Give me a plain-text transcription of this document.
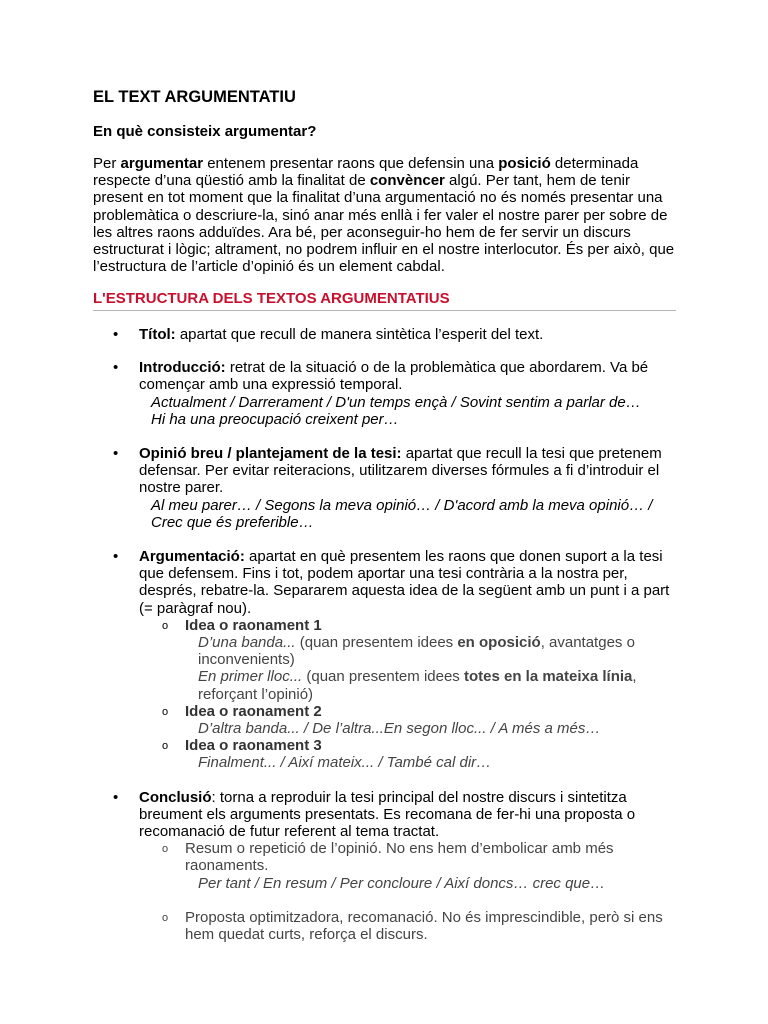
EL TEXT ARGUMENTATIU
En què consisteix argumentar?

Per argumentar entenem presentar raons que defensin una posició determinada respecte d’una qüestió amb la finalitat de convèncer algú. Per tant, hem de tenir present en tot moment que la finalitat d’una argumentació no és només presentar una problemàtica o descriure-la, sinó anar més enllà i fer valer el nostre parer per sobre de les altres raons adduïdes. Ara bé, per aconseguir-ho hem de fer servir un discurs estructurat i lògic; altrament, no podrem influir en el nostre interlocutor. És per això, que l’estructura de l’article d’opinió és un element cabdal.

L'ESTRUCTURA DELS TEXTOS ARGUMENTATIUS
• Títol: apartat que recull de manera sintètica l’esperit del text.
• Introducció: retrat de la situació o de la problemàtica que abordarem. Va bé començar amb una expressió temporal.
Actualment / Darrerament / D'un temps ençà / Sovint sentim a parlar de…
Hi ha una preocupació creixent per…
• Opinió breu / plantejament de la tesi: apartat que recull la tesi que pretenem defensar. Per evitar reiteracions, utilitzarem diverses fórmules a fi d’introduir el nostre parer.
Al meu parer… / Segons la meva opinió… / D'acord amb la meva opinió… /
Crec que és preferible…
• Argumentació: apartat en què presentem les raons que donen suport a la tesi que defensem. Fins i tot, podem aportar una tesi contrària a la nostra per, després, rebatre-la. Separarem aquesta idea de la següent amb un punt i a part (= paràgraf nou).
o Idea o raonament 1
D’una banda... (quan presentem idees en oposició, avantatges o inconvenients)
En primer lloc... (quan presentem idees totes en la mateixa línia, reforçant l’opinió)
o Idea o raonament 2
D’altra banda... / De l’altra...En segon lloc... / A més a més…
o Idea o raonament 3
Finalment... / Així mateix... / També cal dir…
• Conclusió: torna a reproduir la tesi principal del nostre discurs i sintetitza breument els arguments presentats. Es recomana de fer-hi una proposta o recomanació de futur referent al tema tractat.
o Resum o repetició de l’opinió. No ens hem d’embolicar amb més raonaments.
Per tant / En resum / Per concloure / Així doncs… crec que…
o Proposta optimitzadora, recomanació. No és imprescindible, però si ens hem quedat curts, reforça el discurs.
